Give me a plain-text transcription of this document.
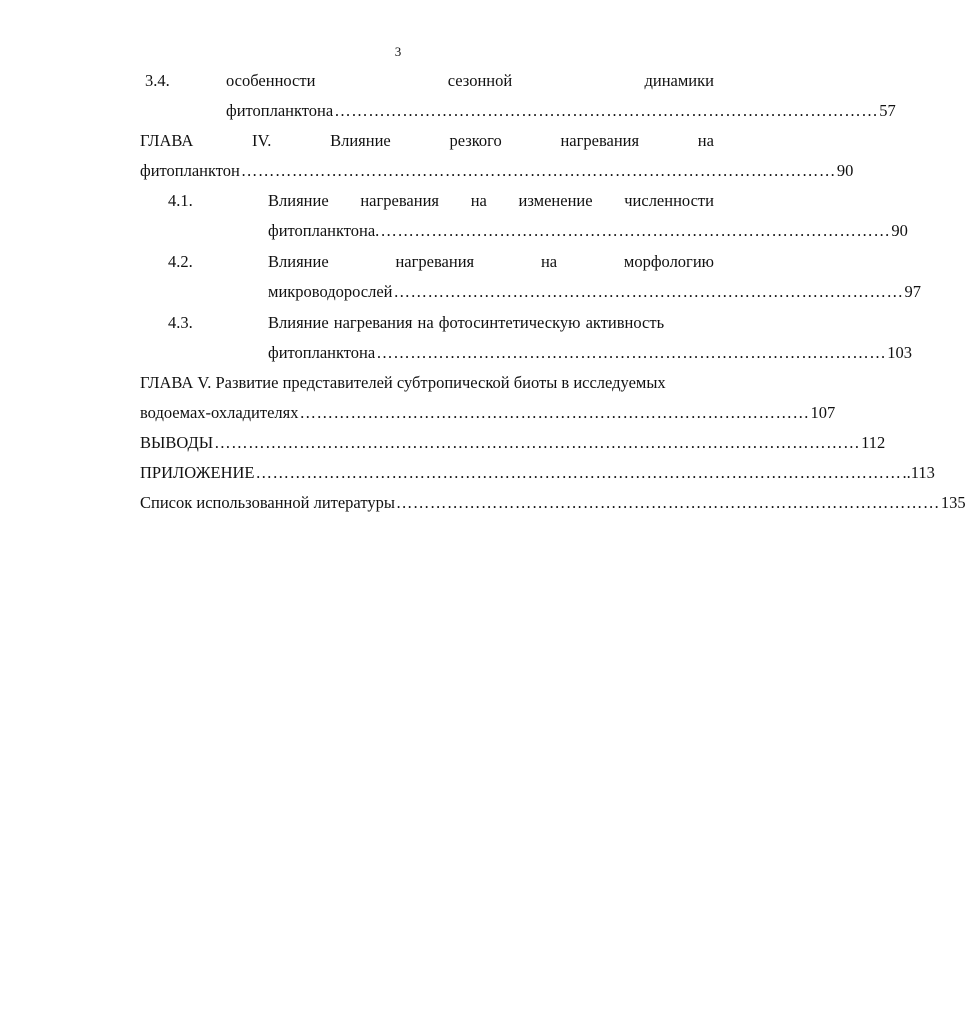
3
3.4.	особенности	сезонной	динамики
фитопланктона …………………………………………………………………………………… 57
ГЛАВА	IV.	Влияние	резкого	нагревания	на
фитопланктон …………………………………………………………………………………………… 90
4.1.	Влияние нагревания на изменение численности
фитопланктона. ……………………………………………………………………………… 90
4.2.	Влияние	нагревания	на	морфологию
микроводорослей ……………………………………………………………………………… 97
4.3.	Влияние нагревания на фотосинтетическую активность
фитопланктона ……………………………………………………………………………… 103
ГЛАВА V. Развитие представителей субтропической биоты в исследуемых
водоемах-охладителях ……………………………………………………………………………… 107
ВЫВОДЫ …………………………………………………………………………………………………… 112
ПРИЛОЖЕНИЕ …………………………………………………………………………………………………… ..113
Список использованной литературы …………………………………………………………………………………… 135
